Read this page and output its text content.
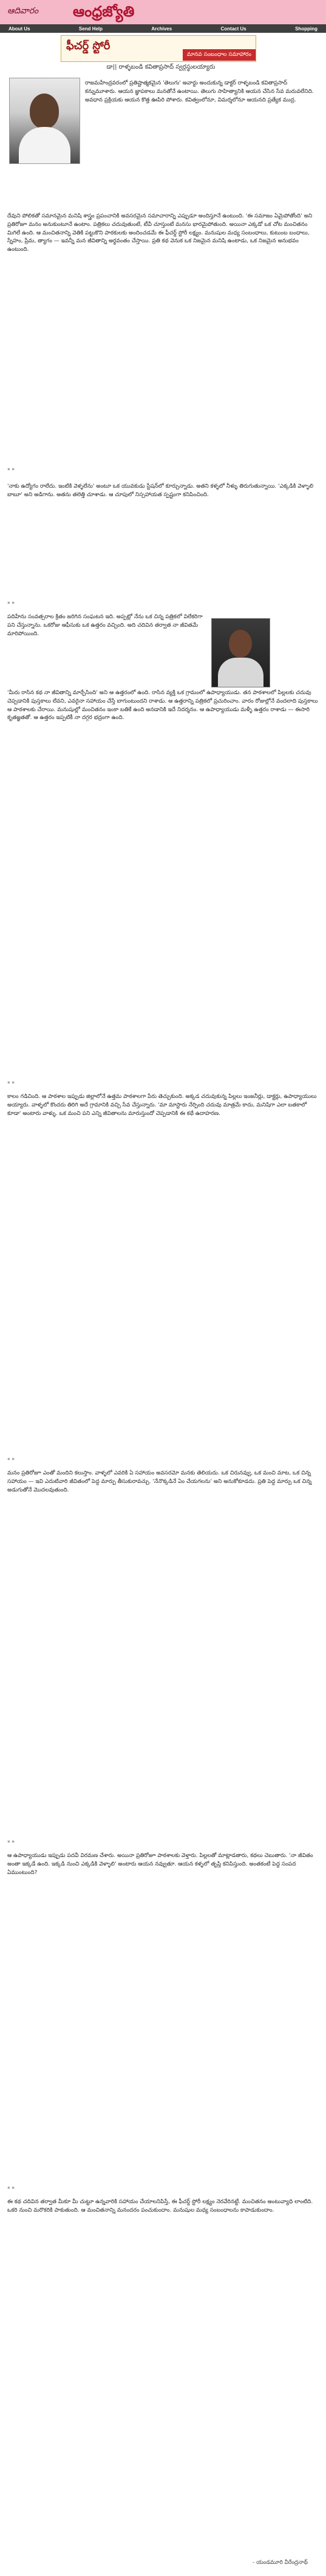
ఆదివారం ఆంధ్రజ్యోతి
About Us	Send Help	Archives	Contact Us	Shopping
ఫీచర్డ్ స్టోరీ
మానవ సంబంధాల సమాహారం
డా|| రాళ్ళబండి కవితాప్రసాద్ స్వర్గస్థులయ్యారు
రాజమహేంద్రవరంలో ప్రతిష్టాత్మకమైన 'తెలుగు' అవార్డు అందుకున్న డాక్టర్ రాళ్ళబండి కవితాప్రసాద్ కన్నుమూశారు. ఆయన జ్ఞాపకాలు మనతోనే ఉంటాయి. తెలుగు సాహిత్యానికి ఆయన చేసిన సేవ మరువలేనిది. అవధాన ప్రక్రియకు ఆయన కొత్త ఊపిరి పోశారు. కవిత్వంలోనూ, విమర్శలోనూ ఆయనది ప్రత్యేక ముద్ర.
దేవుని పోలికతో సమానమైన మనిషి శాస్త్రం ప్రపంచానికి అవసరమైన సమాచారాన్ని ఎప్పుడూ అందిస్తూనే ఉంటుంది. 'ఈ సమాజం ఏమైపోతోంది' అని ప్రతిరోజూ మనం అనుకుంటూనే ఉంటాం. పత్రికలు చదువుతుంటే, టీవీ చూస్తుంటే మనసు భారమైపోతుంది. అయినా ఎక్కడో ఒక చోట మంచితనం మిగిలే ఉంది. ఆ మంచితనాన్ని వెతికి పట్టుకొని పాఠకులకు అందించడమే ఈ ఫీచర్డ్ స్టోరీ లక్ష్యం. మనుషుల మధ్య సంబంధాలు, కుటుంబ బంధాలు, స్నేహం, ప్రేమ, త్యాగం — ఇవన్నీ మన జీవితాన్ని అర్థవంతం చేస్తాయి. ప్రతి కథ వెనుక ఒక నిజమైన మనిషి ఉంటాడు, ఒక నిజమైన అనుభవం ఉంటుంది.
* *
'నాకు ఉద్యోగం రాలేదు. ఇంటికి వెళ్ళలేను' అంటూ ఒక యువకుడు స్టేషన్‌లో కూర్చున్నాడు. అతని కళ్ళలో నీళ్ళు తిరుగుతున్నాయి. 'ఎక్కడికి వెళ్ళాలి బాబూ' అని అడిగాను. అతను తలెత్తి చూశాడు. ఆ చూపులో నిస్సహాయత స్పష్టంగా కనిపించింది.
* *
పదిహేను సంవత్సరాల క్రితం జరిగిన సంఘటన ఇది. అప్పట్లో నేను ఒక చిన్న పత్రికలో విలేకరిగా పని చేస్తున్నాను. ఒకరోజు ఆఫీసుకు ఒక ఉత్తరం వచ్చింది. అది చదివిన తర్వాత నా జీవితమే మారిపోయింది.
'మీరు రాసిన కథ నా జీవితాన్ని మార్చేసింది' అని ఆ ఉత్తరంలో ఉంది. రాసిన వ్యక్తి ఒక గ్రామంలో ఉపాధ్యాయుడు. తన పాఠశాలలో పిల్లలకు చదువు చెప్పడానికి పుస్తకాలు లేవని, ఎవరైనా సహాయం చేస్తే బాగుంటుందని రాశాడు. ఆ ఉత్తరాన్ని పత్రికలో ప్రచురించాం. వారం రోజుల్లోనే వందలాది పుస్తకాలు ఆ పాఠశాలకు చేరాయి. మనుషుల్లో మంచితనం ఇంకా బతికే ఉంది అనడానికి ఇదే నిదర్శనం. ఆ ఉపాధ్యాయుడు మళ్ళీ ఉత్తరం రాశాడు — ఈసారి కృతజ్ఞతతో. ఆ ఉత్తరం ఇప్పటికీ నా దగ్గర భద్రంగా ఉంది.
* *
కాలం గడిచింది. ఆ పాఠశాల ఇప్పుడు జిల్లాలోనే ఉత్తమ పాఠశాలగా పేరు తెచ్చుకుంది. అక్కడ చదువుకున్న పిల్లలు ఇంజనీర్లు, డాక్టర్లు, ఉపాధ్యాయులు అయ్యారు. వాళ్ళలో కొందరు తిరిగి అదే గ్రామానికి వచ్చి సేవ చేస్తున్నారు. 'మా మాస్టారు నేర్పింది చదువు మాత్రమే కాదు, మనిషిగా ఎలా బతకాలో కూడా' అంటారు వాళ్ళు. ఒక మంచి పని ఎన్ని జీవితాలను మారుస్తుందో చెప్పడానికి ఈ కథే ఉదాహరణ.
* *
మనం ప్రతిరోజూ ఎంతో మందిని కలుస్తాం. వాళ్ళలో ఎవరికి ఏ సహాయం అవసరమో మనకు తెలియదు. ఒక చిరునవ్వు, ఒక మంచి మాట, ఒక చిన్న సహాయం — ఇవి ఎదుటివారి జీవితంలో పెద్ద మార్పు తీసుకురావచ్చు. 'నేనొక్కడినే ఏం చేయగలను' అని అనుకోకూడదు. ప్రతి పెద్ద మార్పు ఒక చిన్న అడుగుతోనే మొదలవుతుంది.
* *
ఆ ఉపాధ్యాయుడు ఇప్పుడు పదవీ విరమణ చేశారు. అయినా ప్రతిరోజూ పాఠశాలకు వెళ్తారు. పిల్లలతో మాట్లాడతారు, కథలు చెబుతారు. 'నా జీవితం అంతా ఇక్కడే ఉంది. ఇక్కడి నుంచి ఎక్కడికి వెళ్ళాలి' అంటారు ఆయన నవ్వుతూ. ఆయన కళ్ళలో తృప్తి కనిపిస్తుంది. అంతకంటే పెద్ద సంపద ఏముంటుంది?
* *
ఈ కథ చదివిన తర్వాత మీకూ మీ చుట్టూ ఉన్నవారికి సహాయం చేయాలనిపిస్తే, ఈ ఫీచర్డ్ స్టోరీ లక్ష్యం నెరవేరినట్టే. మంచితనం అంటువ్యాధి లాంటిది. ఒకరి నుంచి మరొకరికి పాకుతుంది. ఆ మంచితనాన్ని మనందరం పంచుకుందాం. మనుషుల మధ్య సంబంధాలను కాపాడుకుందాం.
- యండమూరి వీరేంద్రనాథ్
